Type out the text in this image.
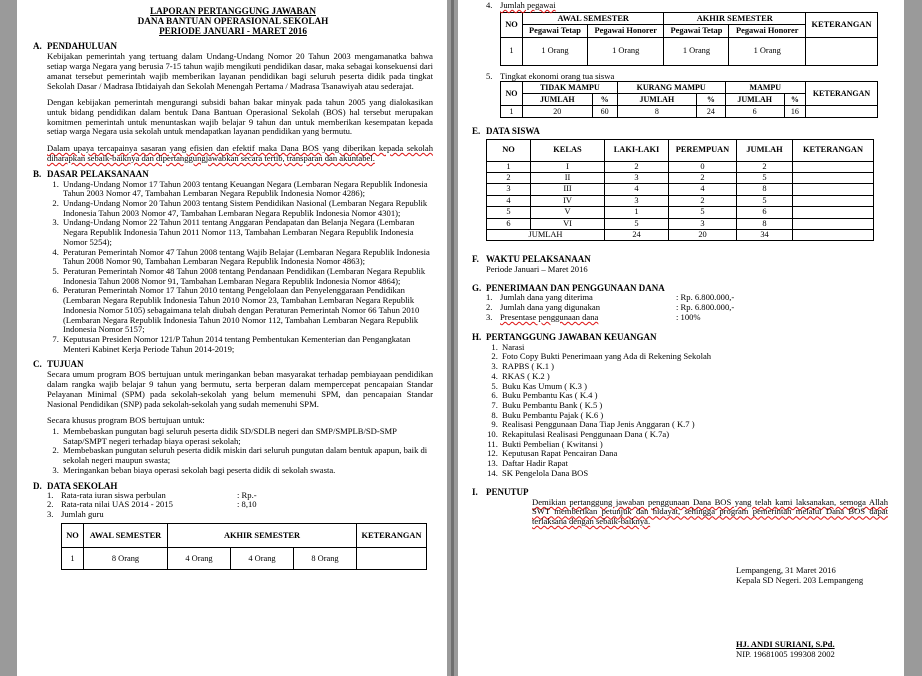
LAPORAN PERTANGGUNG JAWABAN
DANA BANTUAN OPERASIONAL SEKOLAH
PERIODE JANUARI - MARET 2016
A. PENDAHULUAN
Kebijakan pemerintah yang tertuang dalam Undang-Undang Nomor 20 Tahun 2003 mengamanatka bahwa setiap warga Negara yang berusia 7-15 tahun wajib mengikuti pendidikan dasar, maka sebagai konsekuensi dari amanat tersebut pemerintah wajib memberikan layanan pendidikan bagi seluruh peserta didik pada tingkat Sekolah Dasar / Madrasa Ibtidaiyah dan Sekolah Menengah Pertama / Madrasa Tsanawiyah atau sederajat.
Dengan kebijakan pemerintah mengurangi subsidi bahan bakar minyak pada tahun 2005 yang dialokasikan untuk bidang pendidikan dalam bentuk Dana Bantuan Operasional Sekolah (BOS) hal tersebut merupakan komitmen pemerintah untuk menuntaskan wajib belajar 9 tahun dan untuk memberikan kesempatan kepada setiap warga Negara usia sekolah untuk mendapatkan layanan pendidikan yang bermutu.
Dalam upaya tercapainya sasaran yang efisien dan efektif maka Dana BOS yang diberikan kepada sekolah diharapkan sebaik-baiknya dan dipertanggungjawabkan secara tertib, transparan dan akuntabel.
B. DASAR PELAKSANAAN
1. Undang-Undang Nomor 17 Tahun 2003 tentang Keuangan Negara (Lembaran Negara Republik Indonesia Tahun 2003 Nomor 47, Tambahan Lembaran Negara Republik Indonesia Nomor 4286);
2. Undang-Undang Nomor 20 Tahun 2003 tentang Sistem Pendidikan Nasional (Lembaran Negara Republik Indonesia Tahun 2003 Nomor 47, Tambahan Lembaran Negara Republik Indonesia Nomor 4301);
3. Undang-Undang Nomor 22 Tahun 2011 tentang Anggaran Pendapatan dan Belanja Negara (Lembaran Negara Republik Indonesia Tahun 2011 Nomor 113, Tambahan Lembaran Negara Republik Indonesia Nomor 5254);
4. Peraturan Pemerintah Nomor 47 Tahun 2008 tentang Wajib Belajar (Lembaran Negara Republik Indonesia Tahun 2008 Nomor 90, Tambahan Lembaran Negara Republik Indonesia Nomor 4863);
5. Peraturan Pemerintah Nomor 48 Tahun 2008 tentang Pendanaan Pendidikan (Lembaran Negara Republik Indonesia Tahun 2008 Nomor 91, Tambahan Lembaran Negara Republik Indonesia Nomor 4864);
6. Peraturan Pemerintah Nomor 17 Tahun 2010 tentang Pengelolaan dan Penyelenggaraan Pendidikan (Lembaran Negara Republik Indonesia Tahun 2010 Nomor 23, Tambahan Lembaran Negara Republik Indonesia Nomor 5105) sebagaimana telah diubah dengan Peraturan Pemerintah Nomor 66 Tahun 2010 (Lembaran Negara Republik Indonesia Tahun 2010 Nomor 112, Tambahan Lembaran Negara Republik Indonesia Nomor 5157;
7. Keputusan Presiden Nomor 121/P Tahun 2014 tentang Pembentukan Kementerian dan Pengangkatan Menteri Kabinet Kerja Periode Tahun 2014-2019;
C. TUJUAN
Secara umum program BOS bertujuan untuk meringankan beban masyarakat terhadap pembiayaan pendidikan dalam rangka wajib belajar 9 tahun yang bermutu, serta berperan dalam mempercepat pencapaian Standar Pelayanan Minimal (SPM) pada sekolah-sekolah yang belum memenuhi SPM, dan pencapaian Standar Nasional Pendidikan (SNP) pada sekolah-sekolah yang sudah memenuhi SPM.
Secara khusus program BOS bertujuan untuk:
1. Membebaskan pungutan bagi seluruh peserta didik SD/SDLB negeri dan SMP/SMPLB/SD-SMP Satap/SMPT negeri terhadap biaya operasi sekolah;
2. Membebaskan pungutan seluruh peserta didik miskin dari seluruh pungutan dalam bentuk apapun, baik di sekolah negeri maupun swasta;
3. Meringankan beban biaya operasi sekolah bagi peserta didik di sekolah swasta.
D. DATA SEKOLAH
1. Rata-rata iuran siswa perbulan	: Rp.-
2. Rata-rata nilai UAS 2014 - 2015	: 8,10
3. Jumlah guru
NO	AWAL SEMESTER	AKHIR SEMESTER			KETERANGAN
1	8 Orang	4 Orang	4 Orang	8 Orang	
4. Jumlah pegawai
NO	AWAL SEMESTER		AKHIR SEMESTER		KETERANGAN
	Pegawai Tetap	Pegawai Honorer	Pegawai Tetap	Pegawai Honorer	
1	1 Orang	1 Orang	1 Orang	1 Orang	
5. Tingkat ekonomi orang tua siswa
NO	TIDAK MAMPU		KURANG MAMPU		MAMPU		KETERANGAN
	JUMLAH	%	JUMLAH	%	JUMLAH	%	
1	20	60	8	24	6	16	
E. DATA SISWA
NO	KELAS	LAKI-LAKI	PEREMPUAN	JUMLAH	KETERANGAN
1	I	2	0	2	
2	II	3	2	5	
3	III	4	4	8	
4	IV	3	2	5	
5	V	1	5	6	
6	VI	5	3	8	
JUMLAH		24	20	34	
F. WAKTU PELAKSANAAN
Periode Januari – Maret 2016
G. PENERIMAAN DAN PENGGUNAAN DANA
1. Jumlah dana yang diterima	: Rp. 6.800.000,-
2. Jumlah dana yang digunakan	: Rp. 6.800.000,-
3. Presentase penggunaan dana	: 100%
H. PERTANGGUNG JAWABAN KEUANGAN
1. Narasi
2. Foto Copy Bukti Penerimaan yang Ada di Rekening Sekolah
3. RAPBS ( K.1 )
4. RKAS ( K.2 )
5. Buku Kas Umum ( K.3 )
6. Buku Pembantu Kas ( K.4 )
7. Buku Pembantu Bank ( K.5 )
8. Buku Pembantu Pajak ( K.6 )
9. Realisasi Penggunaan Dana Tiap Jenis Anggaran ( K.7 )
10. Rekapitulasi Realisasi Penggunaan Dana ( K.7a)
11. Bukti Pembelian ( Kwitansi )
12. Keputusan Rapat Pencairan Dana
13. Daftar Hadir Rapat
14. SK Pengelola Dana BOS
I. PENUTUP
Demikian pertanggung jawaban penggunaan Dana BOS yang telah kami laksanakan, semoga Allah SWT memberikan petunjuk dan hidayat, sehingga program pemerintah melalui Dana BOS dapat terlaksana dengan sebaik-baiknya.
Lempangeng, 31 Maret 2016
Kepala SD Negeri. 203 Lempangeng
HJ. ANDI SURIANI, S.Pd.
NIP. 19681005 199308 2002
